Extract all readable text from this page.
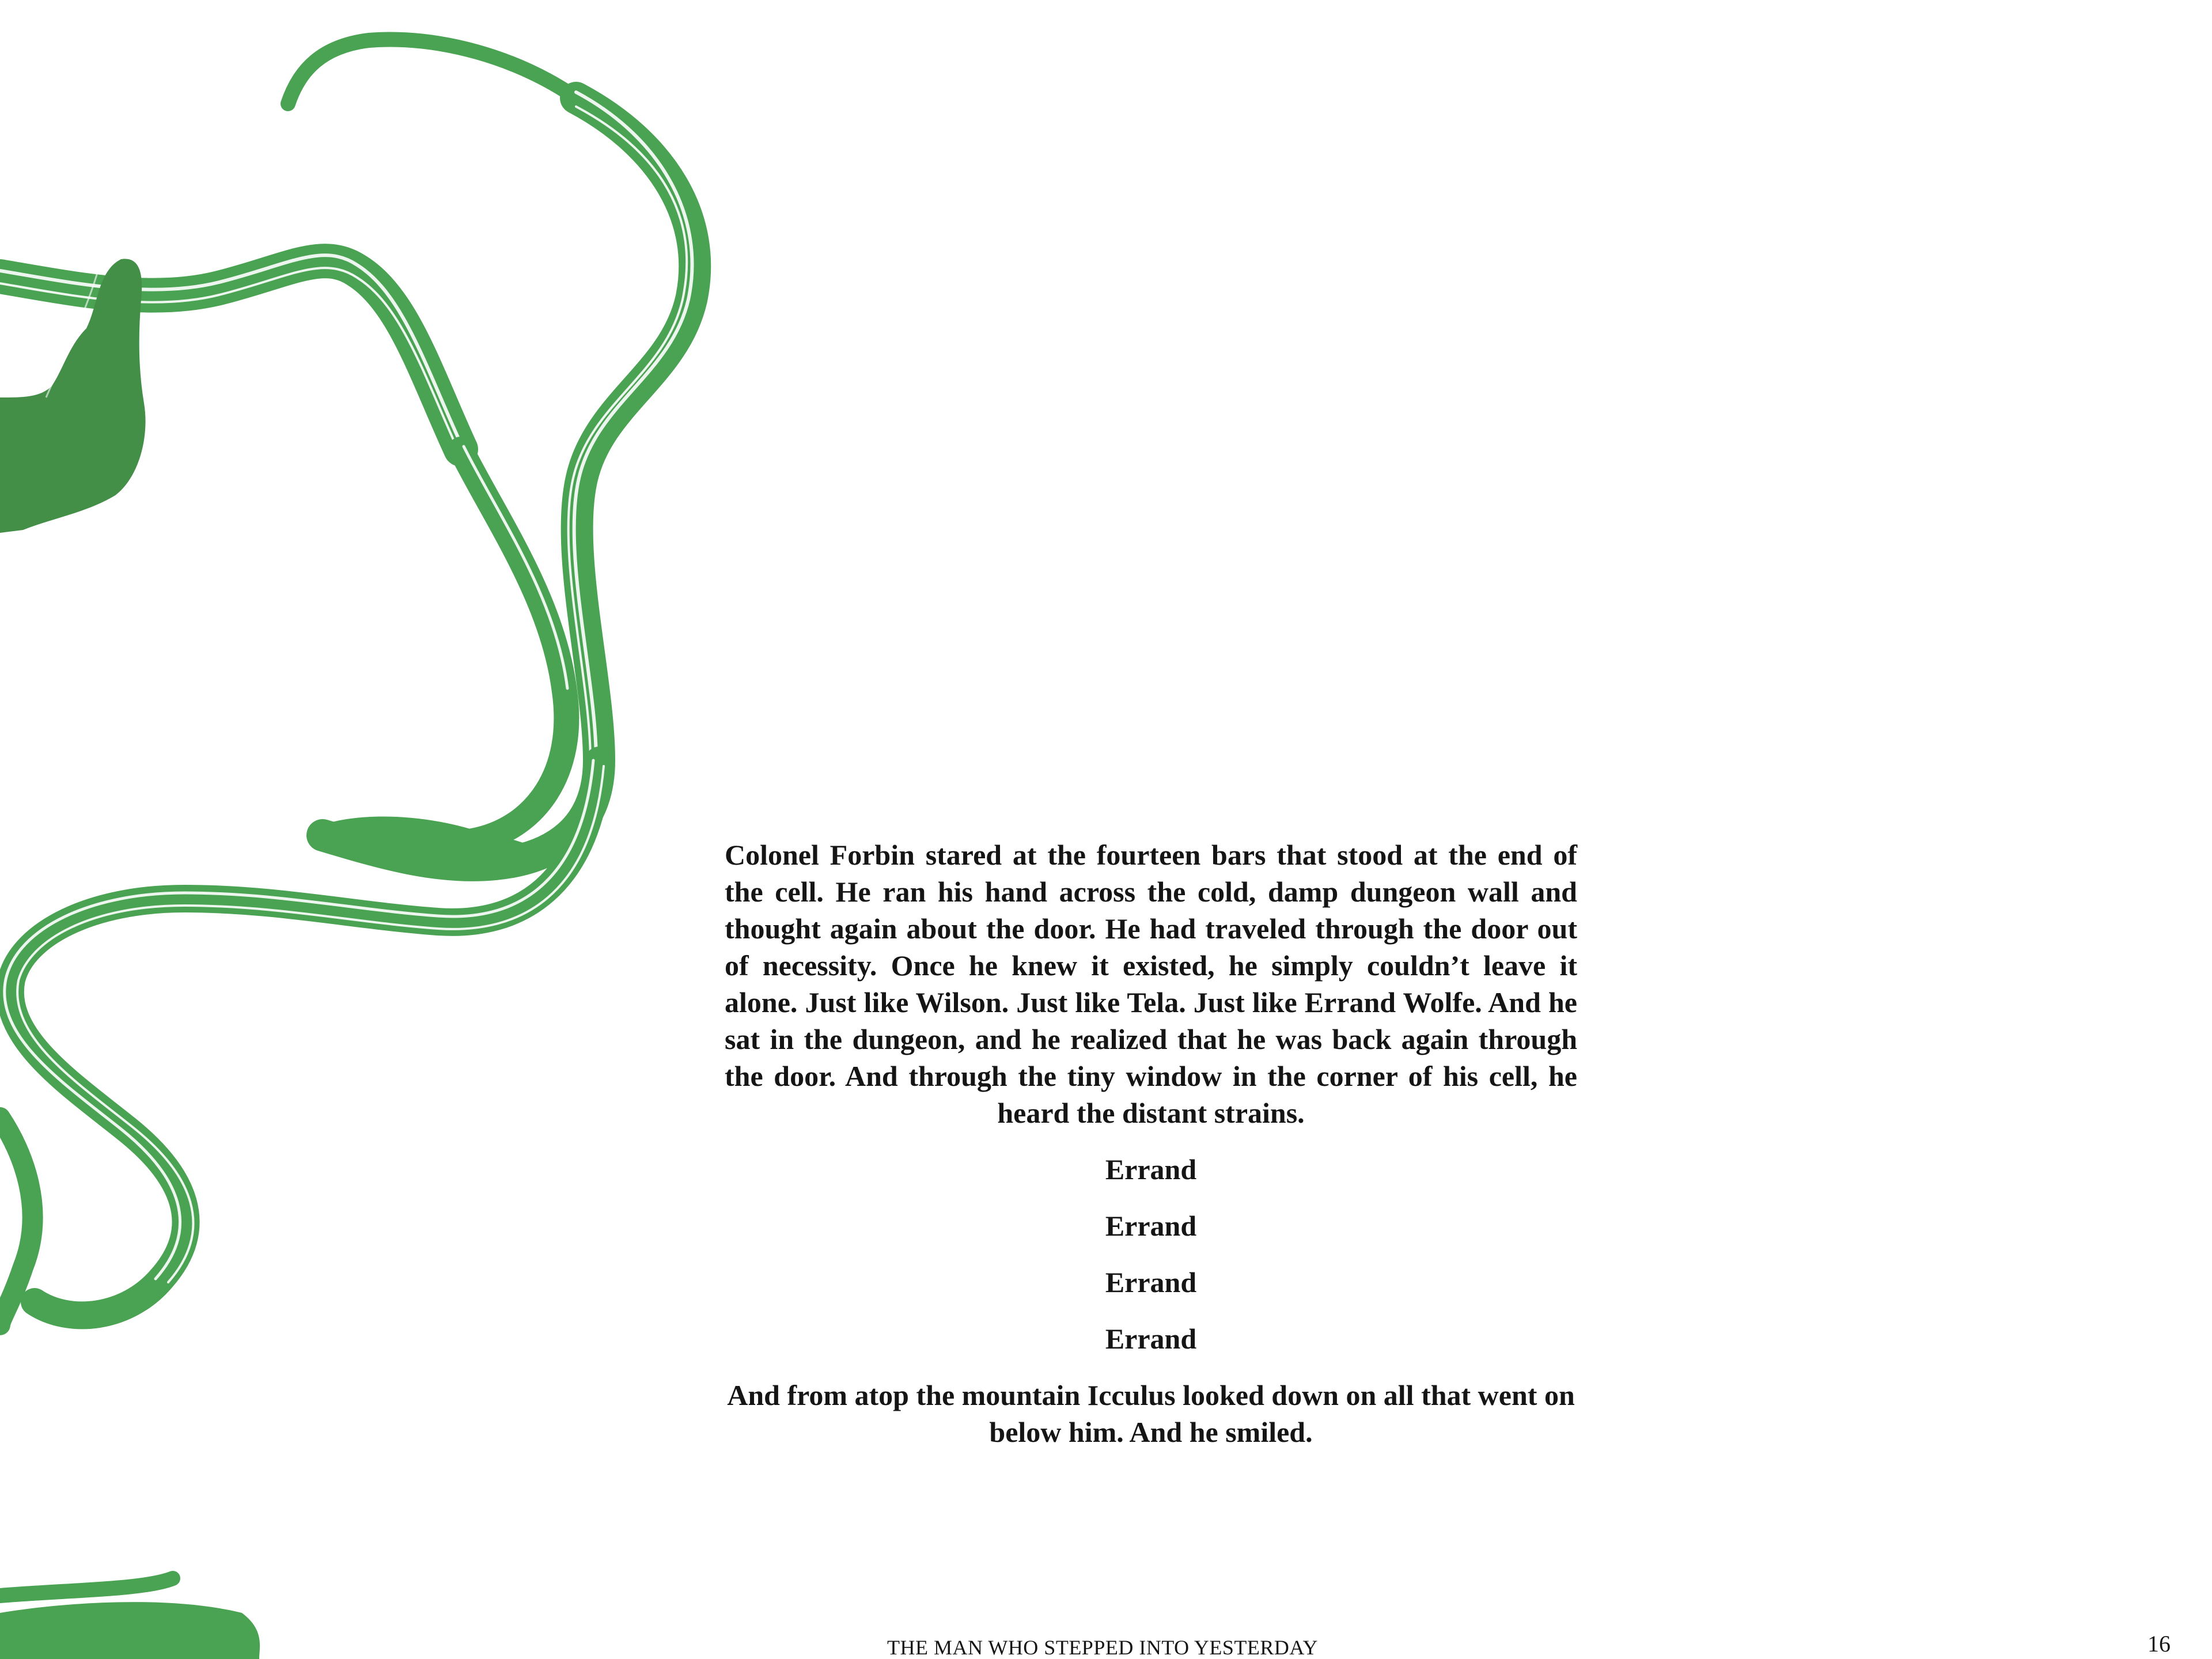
Colonel Forbin stared at the fourteen bars that stood at the end of the cell. He ran his hand across the cold, damp dungeon wall and thought again about the door. He had traveled through the door out of necessity. Once he knew it existed, he simply couldn’t leave it alone. Just like Wilson. Just like Tela. Just like Errand Wolfe. And he sat in the dungeon, and he realized that he was back again through the door. And through the tiny window in the corner of his cell, he heard the distant strains.

Errand

Errand

Errand

Errand

And from atop the mountain Icculus looked down on all that went on below him. And he smiled.

THE MAN WHO STEPPED INTO YESTERDAY	16
